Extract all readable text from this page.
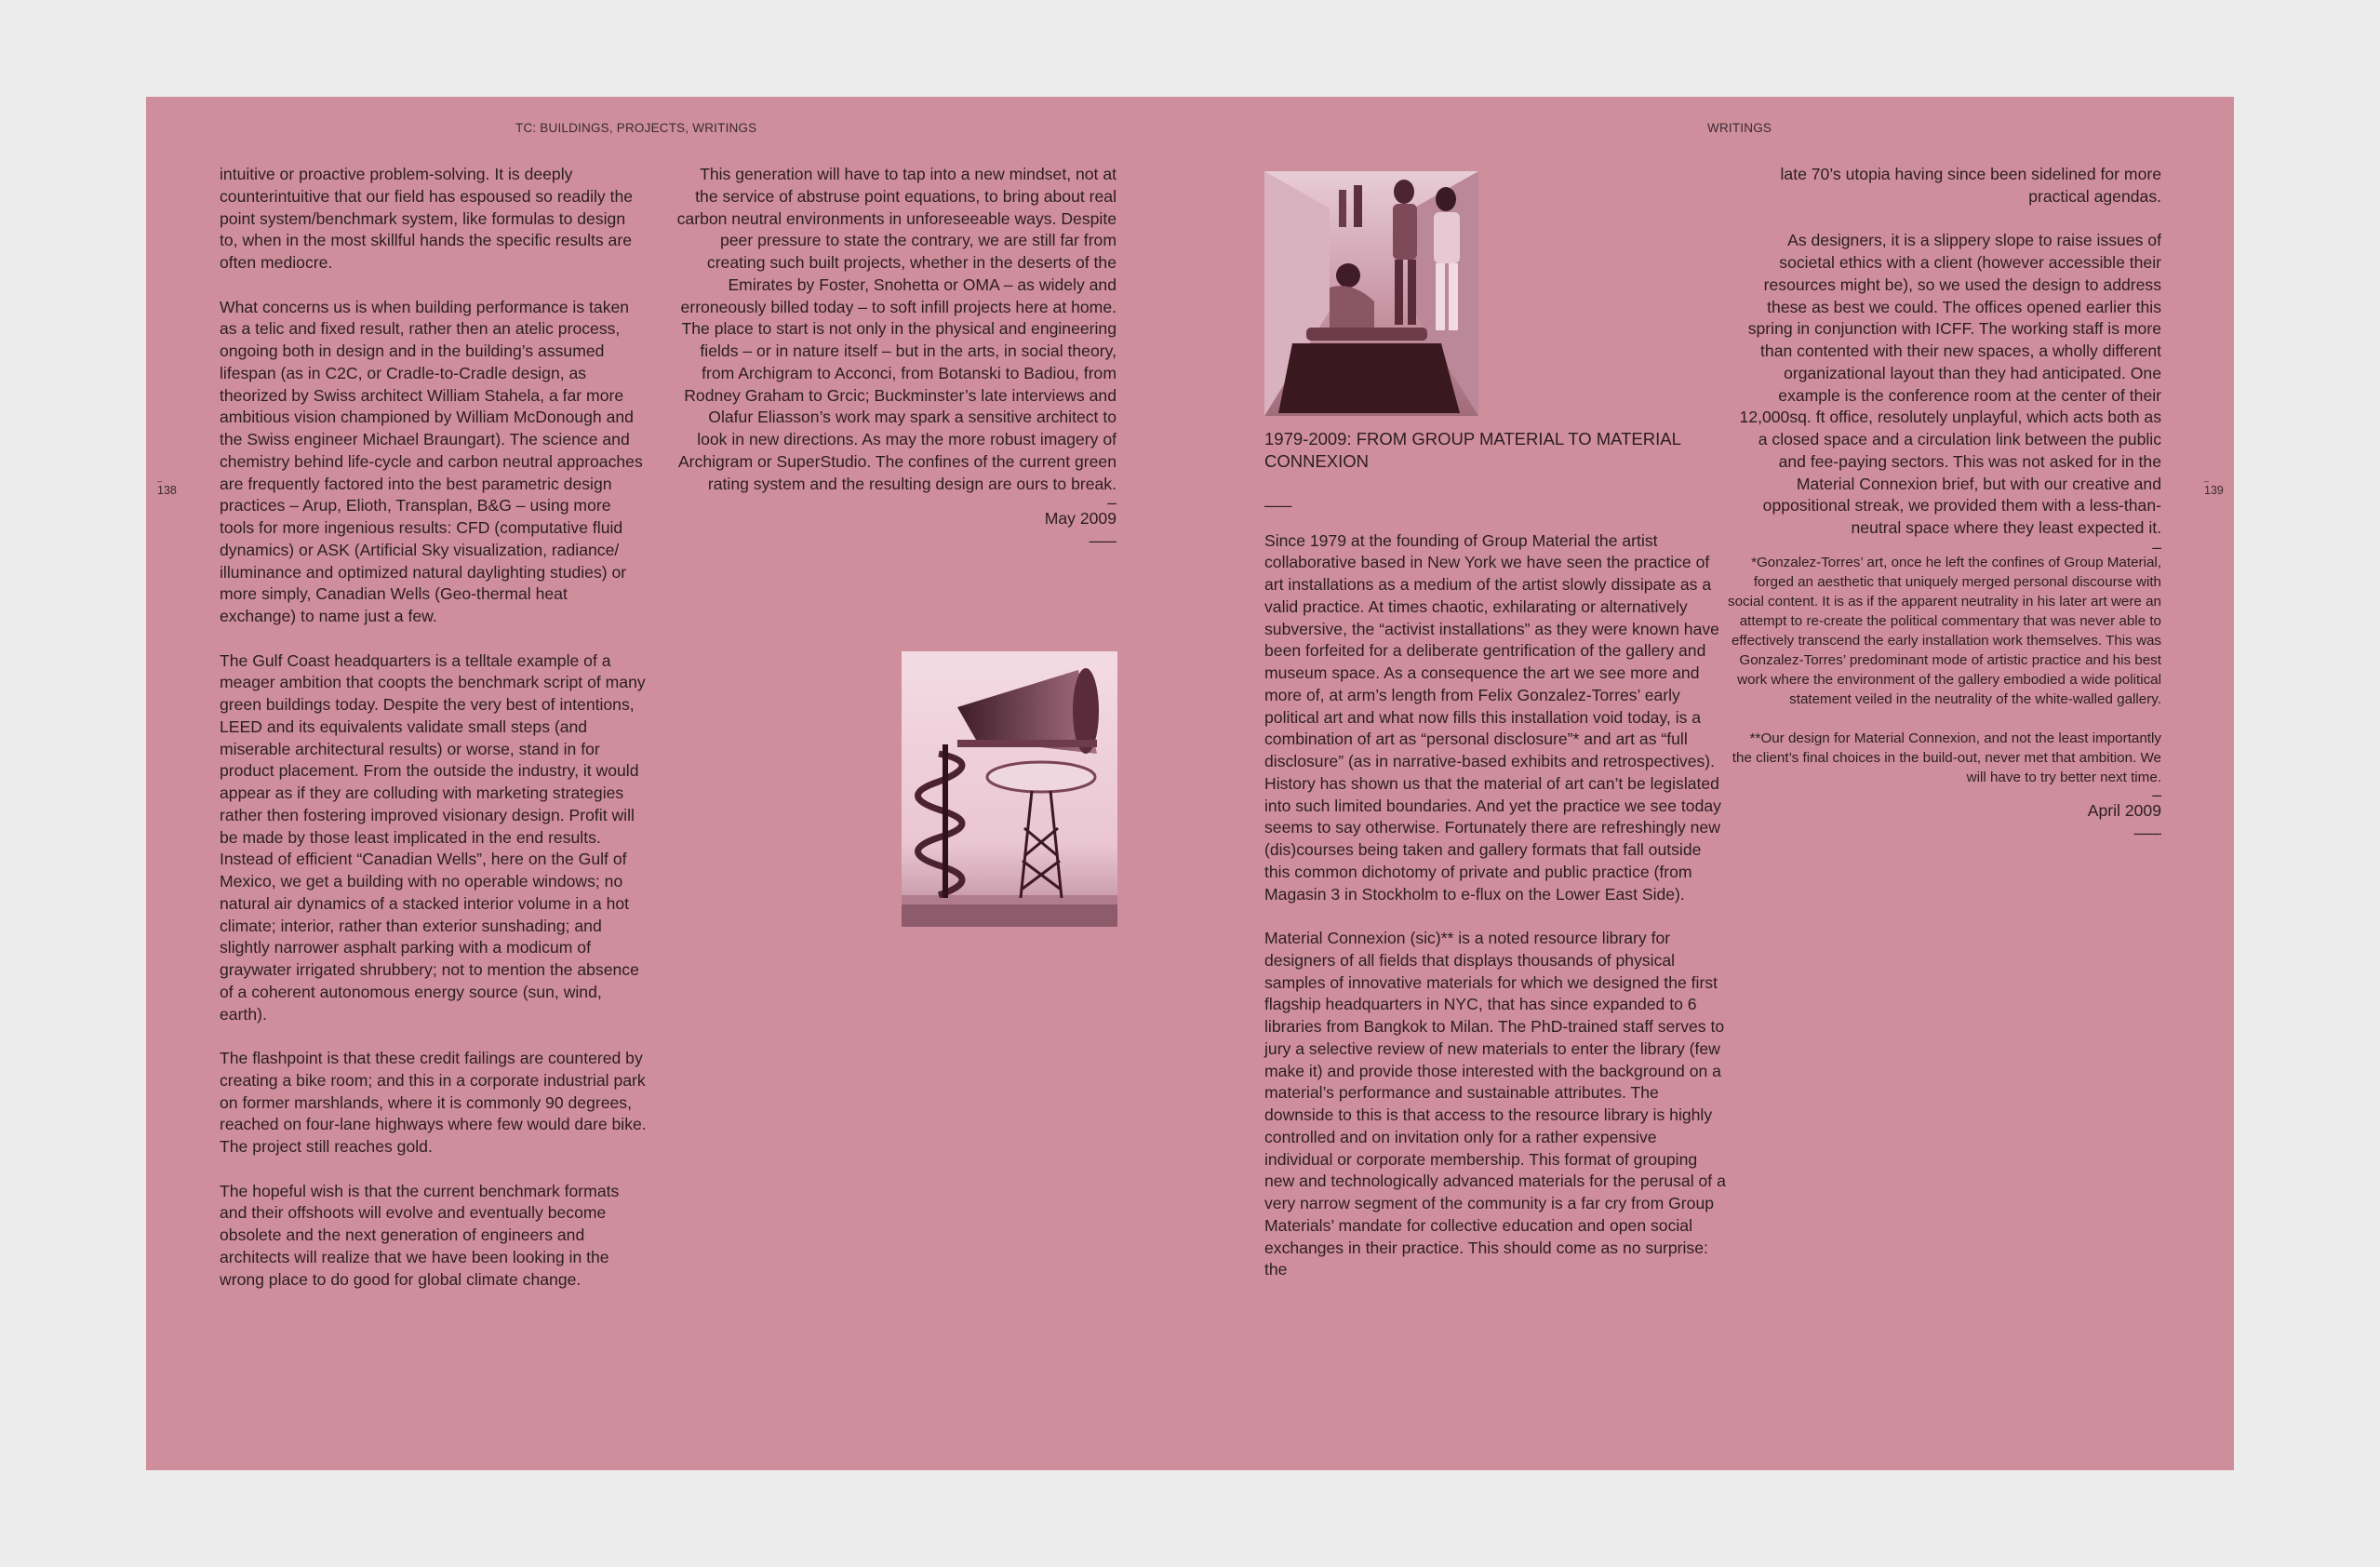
TC: BUILDINGS, PROJECTS, WRITINGS	WRITINGS
– 138
–	139

intuitive or proactive problem-solving. It is deeply counterintuitive that our field has espoused so readily the point system/benchmark system, like formulas to design to, when in the most skillful hands the specific results are often mediocre.

What concerns us is when building performance is taken as a telic and fixed result, rather then an atelic process, ongoing both in design and in the building’s assumed lifespan (as in C2C, or Cradle-to-Cradle design, as theorized by Swiss architect William Stahela, a far more ambitious vision championed by William McDonough and the Swiss engineer Michael Braungart). The science and chemistry behind life-cycle and carbon neutral approaches are frequently factored into the best parametric design practices – Arup, Elioth, Transplan, B&G – using more tools for more ingenious results: CFD (computative fluid dynamics) or ASK (Artificial Sky visualization, radiance/ illuminance and optimized natural daylighting studies) or more simply, Canadian Wells (Geo-thermal heat exchange) to name just a few.

The Gulf Coast headquarters is a telltale example of a meager ambition that coopts the benchmark script of many green buildings today. Despite the very best of intentions, LEED and its equivalents validate small steps (and miserable architectural results) or worse, stand in for product placement. From the outside the industry, it would appear as if they are colluding with marketing strategies rather then fostering improved visionary design. Profit will be made by those least implicated in the end results. Instead of efficient “Canadian Wells”, here on the Gulf of Mexico, we get a building with no operable windows; no natural air dynamics of a stacked interior volume in a hot climate; interior, rather than exterior sunshading; and slightly narrower asphalt parking with a modicum of graywater irrigated shrubbery; not to mention the absence of a coherent autonomous energy source (sun, wind, earth).

The flashpoint is that these credit failings are countered by creating a bike room; and this in a corporate industrial park on former marshlands, where it is commonly 90 degrees, reached on four-lane highways where few would dare bike. The project still reaches gold.

The hopeful wish is that the current benchmark formats and their offshoots will evolve and eventually become obsolete and the next generation of engineers and architects will realize that we have been looking in the wrong place to do good for global climate change.

This generation will have to tap into a new mindset, not at the service of abstruse point equations, to bring about real carbon neutral environments in unforeseeable ways. Despite peer pressure to state the contrary, we are still far from creating such built projects, whether in the deserts of the Emirates by Foster, Snohetta or OMA – as widely and erroneously billed today – to soft infill projects here at home. The place to start is not only in the physical and engineering fields – or in nature itself – but in the arts, in social theory, from Archigram to Acconci, from Botanski to Badiou, from Rodney Graham to Grcic; Buckminster’s late interviews and Olafur Eliasson’s work may spark a sensitive architect to look in new directions. As may the more robust imagery of Archigram or SuperStudio. The confines of the current green rating system and the resulting design are ours to break.

–
May 2009
–––

1979-2009: FROM GROUP MATERIAL TO MATERIAL CONNEXION

–––

Since 1979 at the founding of Group Material the artist collaborative based in New York we have seen the practice of art installations as a medium of the artist slowly dissipate as a valid practice. At times chaotic, exhilarating or alternatively subversive, the “activist installations” as they were known have been forfeited for a deliberate gentrification of the gallery and museum space. As a consequence the art we see more and more of, at arm’s length from Felix Gonzalez-Torres’ early political art and what now fills this installation void today, is a combination of art as “personal disclosure”* and art as “full disclosure” (as in narrative-based exhibits and retrospectives). History has shown us that the material of art can’t be legislated into such limited boundaries. And yet the practice we see today seems to say otherwise. Fortunately there are refreshingly new (dis)courses being taken and gallery formats that fall outside this common dichotomy of private and public practice (from Magasin 3 in Stockholm to e-flux on the Lower East Side).

Material Connexion (sic)** is a noted resource library for designers of all fields that displays thousands of physical samples of innovative materials for which we designed the first flagship headquarters in NYC, that has since expanded to 6 libraries from Bangkok to Milan. The PhD-trained staff serves to jury a selective review of new materials to enter the library (few make it) and provide those interested with the background on a material’s performance and sustainable attributes. The downside to this is that access to the resource library is highly controlled and on invitation only for a rather expensive individual or corporate membership. This format of grouping new and technologically advanced materials for the perusal of a very narrow segment of the community is a far cry from Group Materials’ mandate for collective education and open social exchanges in their practice. This should come as no surprise: the

late 70’s utopia having since been sidelined for more practical agendas.

As designers, it is a slippery slope to raise issues of societal ethics with a client (however accessible their resources might be), so we used the design to address these as best we could. The offices opened earlier this spring in conjunction with ICFF. The working staff is more than contented with their new spaces, a wholly different organizational layout than they had anticipated. One example is the conference room at the center of their 12,000sq. ft office, resolutely unplayful, which acts both as a closed space and a circulation link between the public and fee-paying sectors. This was not asked for in the Material Connexion brief, but with our creative and oppositional streak, we provided them with a less-than-neutral space where they least expected it.

–

*Gonzalez-Torres’ art, once he left the confines of Group Material, forged an aesthetic that uniquely merged personal discourse with social content. It is as if the apparent neutrality in his later art were an attempt to re-create the political commentary that was never able to effectively transcend the early installation work themselves. This was Gonzalez-Torres’ predominant mode of artistic practice and his best work where the environment of the gallery embodied a wide political statement veiled in the neutrality of the white-walled gallery.

**Our design for Material Connexion, and not the least importantly the client’s final choices in the build-out, never met that ambition. We will have to try better next time.

–
April 2009
–––
